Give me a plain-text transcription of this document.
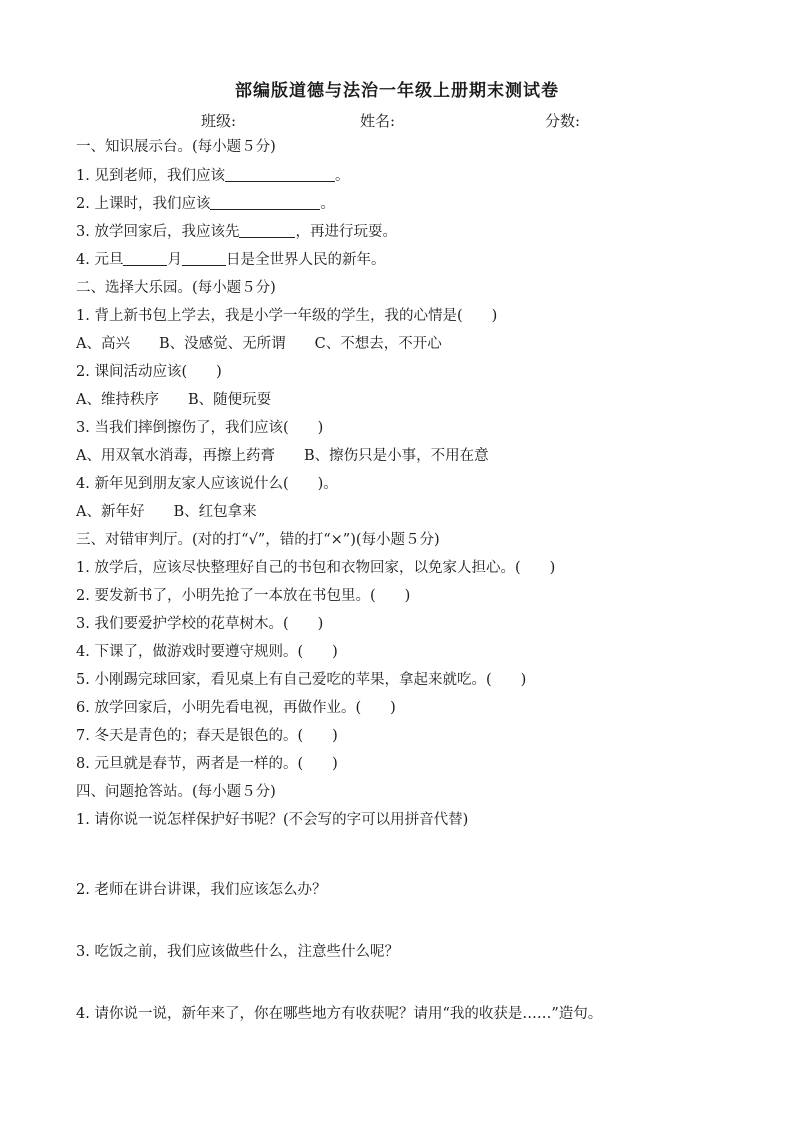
部编版道德与法治一年级上册期末测试卷
班级:	姓名:	分数:
一、知识展示台。(每小题５分)
1. 见到老师，我们应该	。
2. 上课时，我们应该	。
3. 放学回家后，我应该先	，再进行玩耍。
4. 元旦	月	日是全世界人民的新年。
二、选择大乐园。(每小题５分)
1. 背上新书包上学去，我是小学一年级的学生，我的心情是(　　)
A、高兴　　B、没感觉、无所谓　　C、不想去，不开心
2. 课间活动应该(　　)
A、维持秩序　　B、随便玩耍
3. 当我们摔倒擦伤了，我们应该(　　)
A、用双氧水消毒，再擦上药膏　　B、擦伤只是小事，不用在意
4. 新年见到朋友家人应该说什么(　　)。
A、新年好　　B、红包拿来
三、对错审判厅。(对的打“√”，错的打“×”)(每小题５分)
1. 放学后，应该尽快整理好自己的书包和衣物回家，以免家人担心。(　　)
2. 要发新书了，小明先抢了一本放在书包里。(　　)
3. 我们要爱护学校的花草树木。(　　)
4. 下课了，做游戏时要遵守规则。(　　)
5. 小刚踢完球回家，看见桌上有自己爱吃的苹果，拿起来就吃。(　　)
6. 放学回家后，小明先看电视，再做作业。(　　)
7. 冬天是青色的；春天是银色的。(　　)
8. 元旦就是春节，两者是一样的。(　　)
四、问题抢答站。(每小题５分)
1. 请你说一说怎样保护好书呢？(不会写的字可以用拼音代替)
2. 老师在讲台讲课，我们应该怎么办？
3. 吃饭之前，我们应该做些什么，注意些什么呢？
4. 请你说一说，新年来了，你在哪些地方有收获呢？请用“我的收获是……”造句。
